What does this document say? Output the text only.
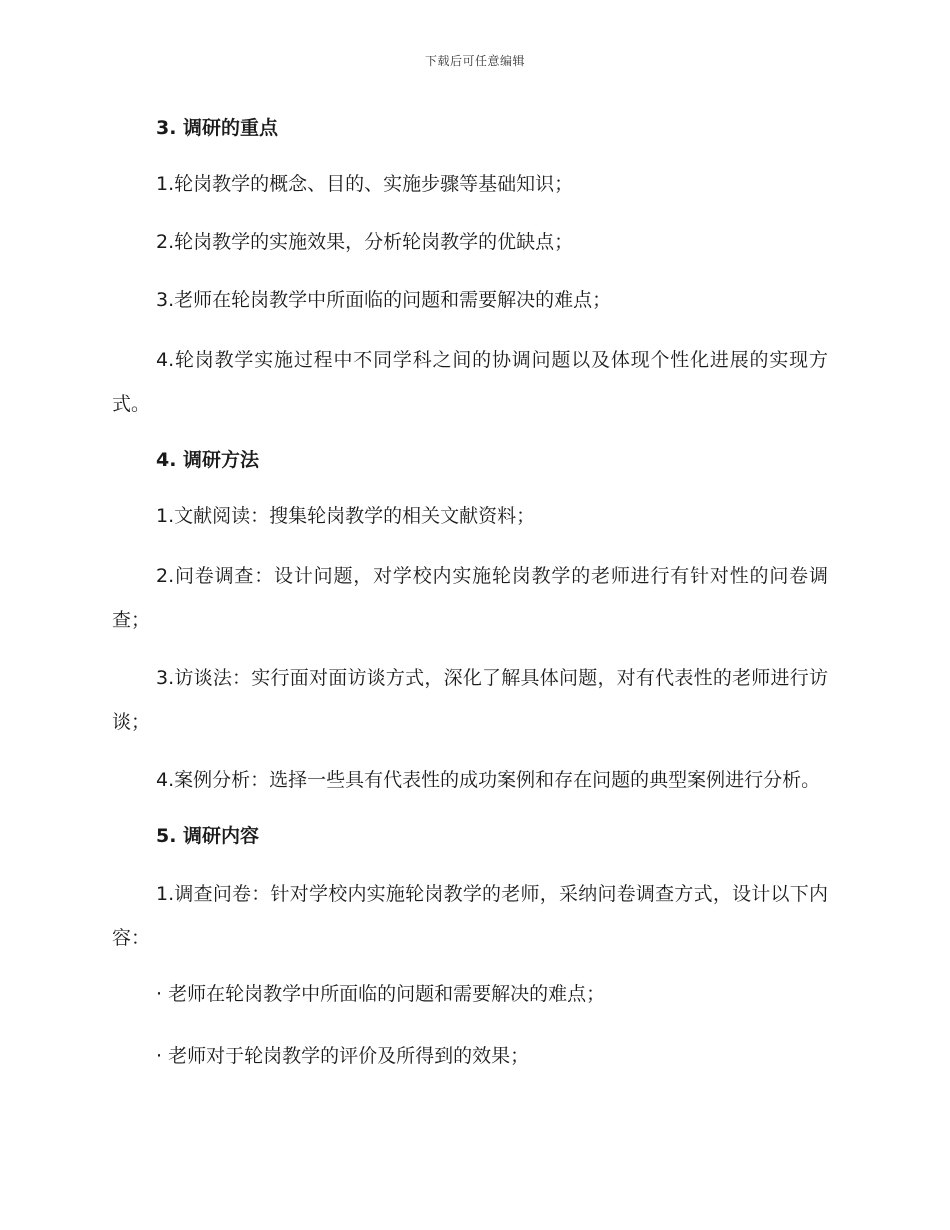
下载后可任意编辑
3. 调研的重点

1.轮岗教学的概念、目的、实施步骤等基础知识；

2.轮岗教学的实施效果，分析轮岗教学的优缺点；

3.老师在轮岗教学中所面临的问题和需要解决的难点；

4.轮岗教学实施过程中不同学科之间的协调问题以及体现个性化进展的实现方式。

4. 调研方法

1.文献阅读：搜集轮岗教学的相关文献资料；

2.问卷调查：设计问题，对学校内实施轮岗教学的老师进行有针对性的问卷调查；

3.访谈法：实行面对面访谈方式，深化了解具体问题，对有代表性的老师进行访谈；

4.案例分析：选择一些具有代表性的成功案例和存在问题的典型案例进行分析。

5. 调研内容

1.调查问卷：针对学校内实施轮岗教学的老师，采纳问卷调查方式，设计以下内容：

· 老师在轮岗教学中所面临的问题和需要解决的难点；
· 老师对于轮岗教学的评价及所得到的效果；
